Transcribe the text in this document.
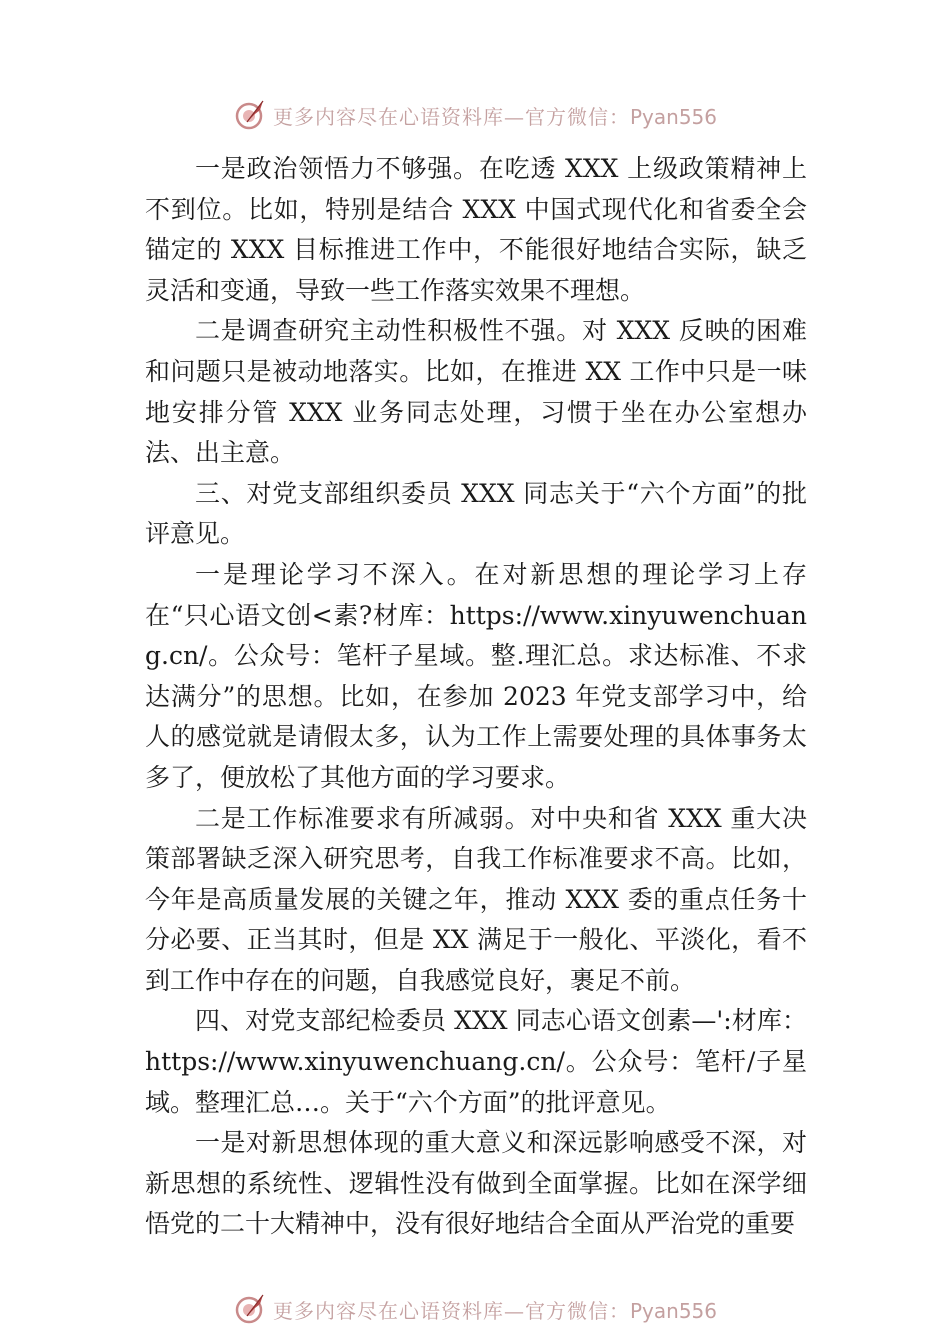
更多内容尽在心语资料库—官方微信：Pyan556

一是政治领悟力不够强。在吃透 XXX 上级政策精神上不到位。比如，特别是结合 XXX 中国式现代化和省委全会锚定的 XXX 目标推进工作中，不能很好地结合实际，缺乏灵活和变通，导致一些工作落实效果不理想。

二是调查研究主动性积极性不强。对 XXX 反映的困难和问题只是被动地落实。比如，在推进 XX 工作中只是一味地安排分管 XXX 业务同志处理，习惯于坐在办公室想办法、出主意。

三、对党支部组织委员 XXX 同志关于“六个方面”的批评意见。

一是理论学习不深入。在对新思想的理论学习上存在“只心语文创<素?材库：https://www.xinyuwenchuang.cn/。公众号：笔杆子星域。整.理汇总。求达标准、不求达满分”的思想。比如，在参加 2023 年党支部学习中，给人的感觉就是请假太多，认为工作上需要处理的具体事务太多了，便放松了其他方面的学习要求。

二是工作标准要求有所减弱。对中央和省 XXX 重大决策部署缺乏深入研究思考，自我工作标准要求不高。比如， 今年是高质量发展的关键之年，推动 XXX 委的重点任务十分必要、正当其时，但是 XX 满足于一般化、平淡化，看不到工作中存在的问题，自我感觉良好，裹足不前。

四、对党支部纪检委员 XXX 同志心语文创素—':材库：https://www.xinyuwenchuang.cn/。公众号：笔杆/子星域。整理汇总…。关于“六个方面”的批评意见。

一是对新思想体现的重大意义和深远影响感受不深，对新思想的系统性、逻辑性没有做到全面掌握。比如在深学细悟党的二十大精神中，没有很好地结合全面从严治党的重要

更多内容尽在心语资料库—官方微信：Pyan556
